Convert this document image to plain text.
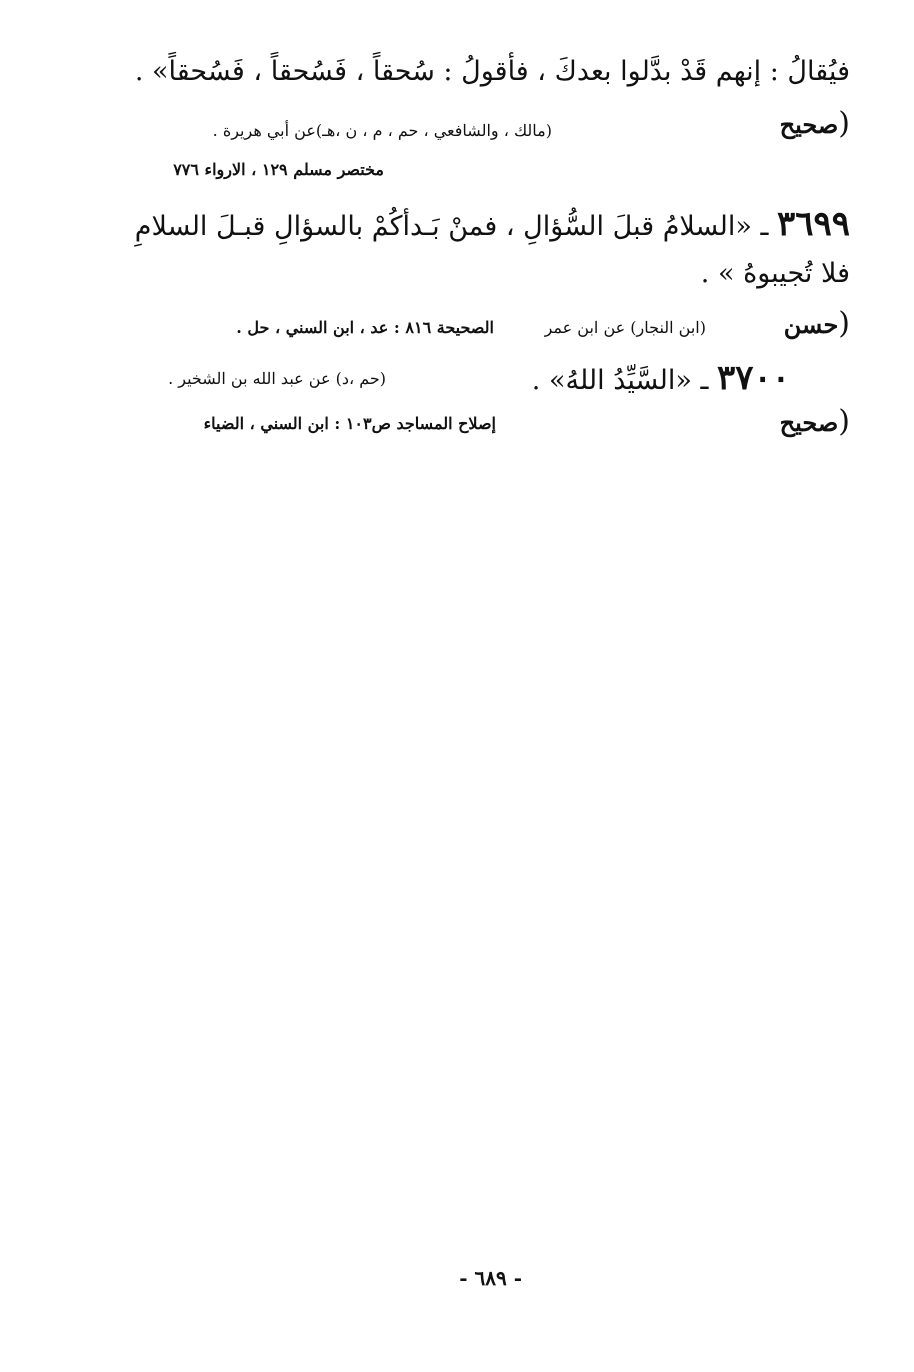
فيُقالُ : إنهم قَدْ بدَّلوا بعدكَ ، فأقولُ : سُحقاً ، فَسُحقاً ، فَسُحقاً» .
(صحيح
(مالك ، والشافعي ، حم ، م ، ن ،هـ)عن أبي هريرة .
مختصر مسلم ١٢٩ ، الارواء ٧٧٦
٣٦٩٩ ـ «السلامُ قبلَ السُّؤالِ ، فمنْ بَـدأكُمْ بالسؤالِ قبـلَ السلامِ
فلا تُجيبوهُ » .
(حسن
(ابن النجار) عن ابن عمر
الصحيحة ٨١٦ : عد ، ابن السني ، حل .
٣٧٠٠ ـ «السَّيِّدُ اللهُ» .
(حم ،د) عن عبد الله بن الشخير .
(صحيح
إصلاح المساجد ص١٠٣ : ابن السني ، الضياء
- ٦٨٩ -
